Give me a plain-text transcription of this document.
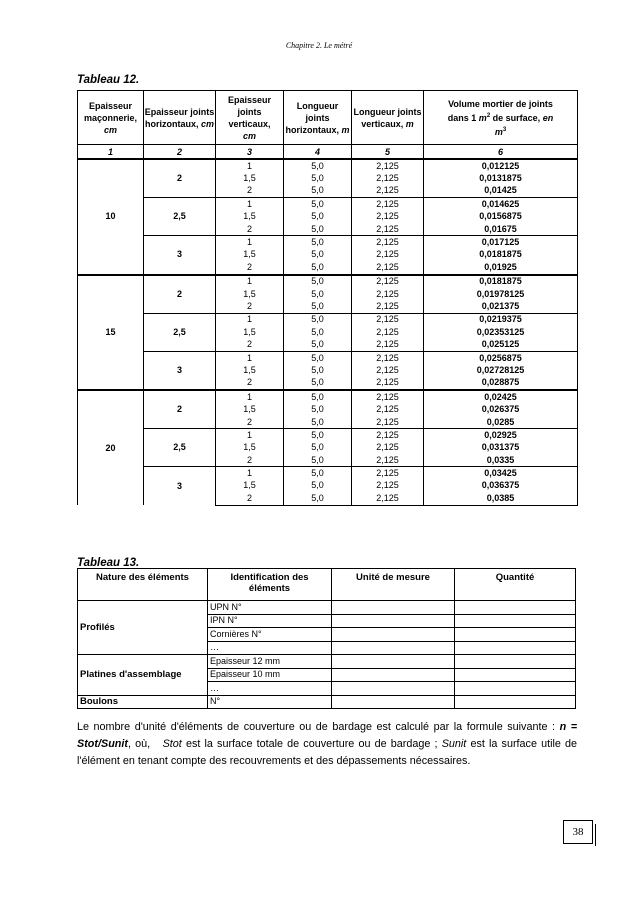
Chapitre 2. Le métré
Tableau 12.
Epaisseur
maçonnerie,
cm	Epaisseur joints
horizontaux, cm	Epaisseur
joints verticaux,
cm	Longueur joints
horizontaux, m	Longueur joints
verticaux, m	Volume mortier de joints
dans 1 $m^2$ de surface, en
$m^3$
1	2	3	4	5	6
10	2	1	5,0	2,125	0,012125
		1,5	5,0	2,125	0,0131875
		2	5,0	2,125	0,01425
	2,5	1	5,0	2,125	0,014625
		1,5	5,0	2,125	0,0156875
		2	5,0	2,125	0,01675
	3	1	5,0	2,125	0,017125
		1,5	5,0	2,125	0,0181875
		2	5,0	2,125	0,01925
15	2	1	5,0	2,125	0,0181875
		1,5	5,0	2,125	0,01978125
		2	5,0	2,125	0,021375
	2,5	1	5,0	2,125	0,0219375
		1,5	5,0	2,125	0,02353125
		2	5,0	2,125	0,025125
	3	1	5,0	2,125	0,0256875
		1,5	5,0	2,125	0,02728125
		2	5,0	2,125	0,028875
20	2	1	5,0	2,125	0,02425
		1,5	5,0	2,125	0,026375
		2	5,0	2,125	0,0285
	2,5	1	5,0	2,125	0,02925
		1,5	5,0	2,125	0,031375
		2	5,0	2,125	0,0335
	3	1	5,0	2,125	0,03425
		1,5	5,0	2,125	0,036375
		2	5,0	2,125	0,0385
Tableau 13.
Nature des éléments	Identification des éléments	Unité de mesure	Quantité
Profilés	UPN N°		
	IPN N°		
	Cornières N°		
	…		
Platines d'assemblage	Epaisseur 12 mm		
	Epaisseur 10 mm		
	…		
Boulons	N°		
Le nombre d'unité d'éléments de couverture ou de bardage est calculé par la formule suivante : n = Stot/Sunit, où, Stot est la surface totale de couverture ou de bardage ; Sunit est la surface utile de l'élément en tenant compte des recouvrements et des dépassements nécessaires.
38
